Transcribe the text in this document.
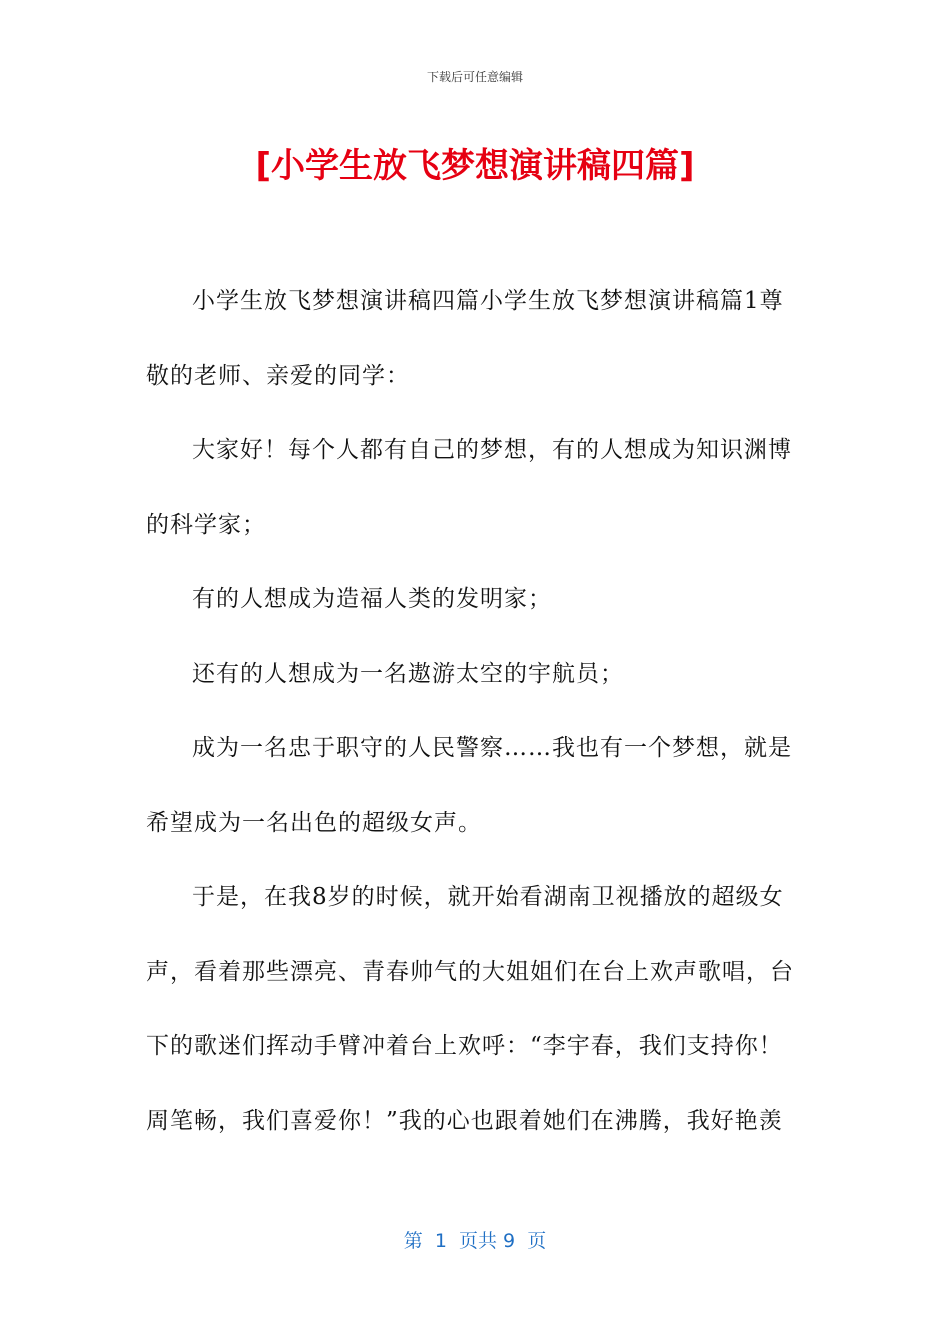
下载后可任意编辑
[小学生放飞梦想演讲稿四篇]

小学生放飞梦想演讲稿四篇小学生放飞梦想演讲稿篇1尊敬的老师、亲爱的同学：

大家好！每个人都有自己的梦想，有的人想成为知识渊博的科学家；

有的人想成为造福人类的发明家；

还有的人想成为一名遨游太空的宇航员；

成为一名忠于职守的人民警察……我也有一个梦想，就是希望成为一名出色的超级女声。

于是，在我8岁的时候，就开始看湖南卫视播放的超级女声，看着那些漂亮、青春帅气的大姐姐们在台上欢声歌唱，台下的歌迷们挥动手臂冲着台上欢呼：“李宇春，我们支持你！周笔畅，我们喜爱你！”我的心也跟着她们在沸腾，我好艳羡

第  1  页共 9  页
